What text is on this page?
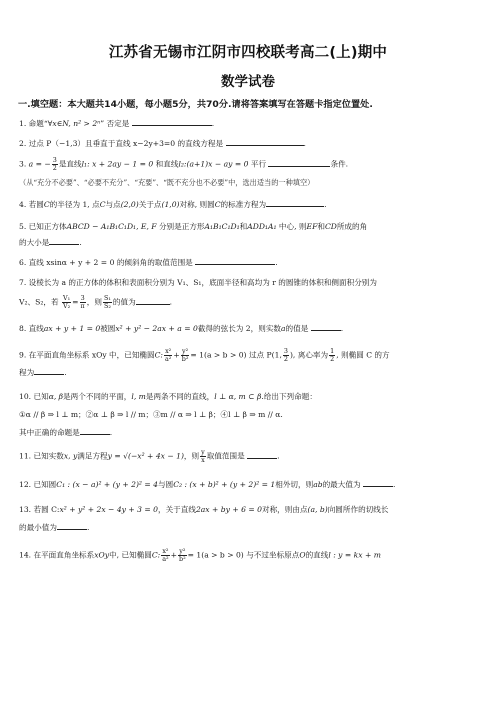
江苏省无锡市江阴市四校联考高二(上)期中
数学试卷
一.填空题：本大题共14小题，每小题5分，共70分.请将答案填写在答题卡指定位置处.
1. 命题“∀x∈N, n² > 2ⁿ” 否定是	.
2. 过点 P（−1,3）且垂直于直线 x−2y+3=0 的直线方程是	.
3. a = − $\frac{3}{2}$ 是直线l₁: x + 2ay − 1 = 0 和直线l₂:(a+1)x − ay = 0 平行	条件.
（从“充分不必要”、“必要不充分”、“充要”、“既不充分也不必要”中，选出适当的一种填空）
4. 若圆C的半径为 1, 点C与点(2,0)关于点(1,0)对称, 则圆C的标准方程为	.
5. 已知正方体ABCD − A₁B₁C₁D₁, E, F 分别是正方形A₁B₁C₁D₁和ADD₁A₁ 中心, 则EF和CD所成的角
的大小是	.
6. 直线 xsinα + y + 2 = 0 的倾斜角的取值范围是	.
7. 设棱长为 a 的正方体的体积和表面积分别为 V₁、S₁，底面半径和高均为 r 的圆锥的体积和侧面积分别为
V₂、S₂，若 $\frac{\text{V₁}}{\text{V₂}} = \frac{3}{\pi}$ ，则 $\frac{\text{S₁}}{\text{S₂}}$ 的值为	.
8. 直线ax + y + 1 = 0被圆x² + y² − 2ax + a = 0截得的弦长为 2，则实数a的值是	.
9. 在平面直角坐标系 xOy 中，已知椭圆C: $\frac{\text{x²}}{\text{a²}} + \frac{\text{y²}}{\text{b²}} = 1(a > b > 0)$ 过点 P(1, $\frac{3}{2}$ ), 离心率为 $\frac{1}{2}$ , 则椭圆 C 的方
程为	.
10. 已知α, β是两个不同的平面，l, m是两条不同的直线，l ⊥ α, m ⊂ β.给出下列命题：
①α // β ⇒ l ⊥ m；②α ⊥ β ⇒ l // m；③m // α ⇒ l ⊥ β；④l ⊥ β ⇒ m // α.
其中正确的命题是	.
11. 已知实数x, y满足方程y = √(−x² + 4x − 1)，则 $\frac{y}{x}$ 取值范围是	.
12. 已知圆C₁ : (x − a)² + (y + 2)² = 4与圆C₂ : (x + b)² + (y + 2)² = 1相外切，则ab的最大值为	.
13. 若圆 C:x² + y² + 2x − 4y + 3 = 0，关于直线2ax + by + 6 = 0对称，则由点(a, b)向圆所作的切线长
的最小值为	.
14. 在平面直角坐标系xOy中, 已知椭圆C: $\frac{\text{x²}}{\text{a²}} + \frac{\text{y²}}{\text{b²}} = 1(a > b > 0)$ 与不过坐标原点O的直线l : y = kx + m
